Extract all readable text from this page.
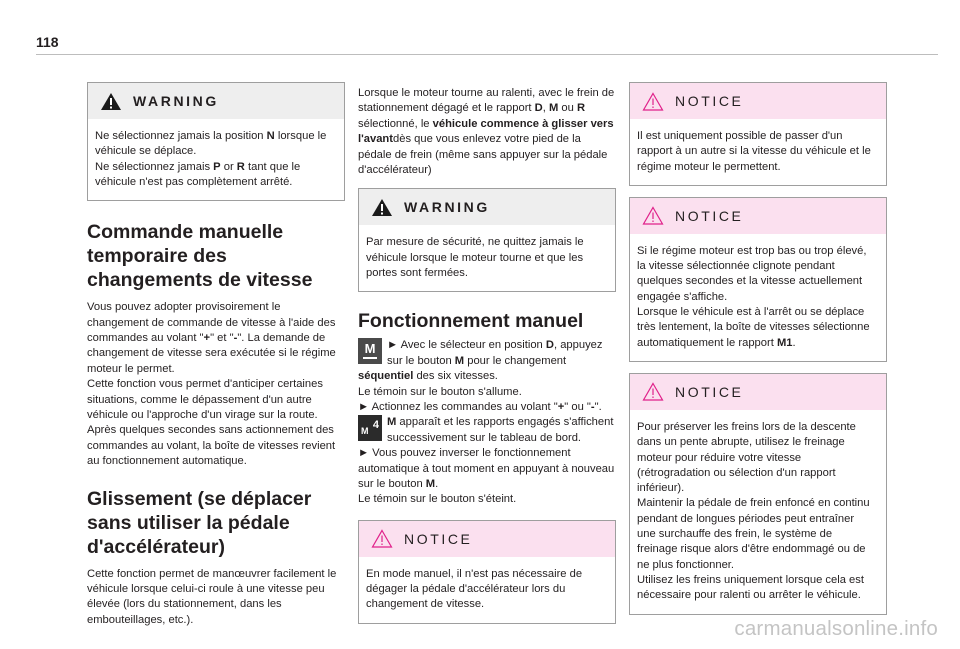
118
WARNING

Ne sélectionnez jamais la position N lorsque le véhicule se déplace.

Ne sélectionnez jamais P or R tant que le véhicule n'est pas complètement arrêté.

Commande manuelle temporaire des changements de vitesse

Vous pouvez adopter provisoirement le changement de commande de vitesse à l'aide des commandes au volant "+" et "-". La demande de changement de vitesse sera exécutée si le régime moteur le permet.

Cette fonction vous permet d'anticiper certaines situations, comme le dépassement d'un autre véhicule ou l'approche d'un virage sur la route.

Après quelques secondes sans actionnement des commandes au volant, la boîte de vitesses revient au fonctionnement automatique.

Glissement (se déplacer sans utiliser la pédale d'accélérateur)

Cette fonction permet de manœuvrer facilement le véhicule lorsque celui-ci roule à une vitesse peu élevée (lors du stationnement, dans les embouteillages, etc.).

Lorsque le moteur tourne au ralenti, avec le frein de stationnement dégagé et le rapport D, M ou R sélectionné, le véhicule commence à glisser vers l'avantdès que vous enlevez votre pied de la pédale de frein (même sans appuyer sur la pédale d'accélérateur)

WARNING

Par mesure de sécurité, ne quittez jamais le véhicule lorsque le moteur tourne et que les portes sont fermées.

Fonctionnement manuel

M	► Avec le sélecteur en position D, appuyez sur le bouton M pour le changement séquentiel des six vitesses.

Le témoin sur le bouton s'allume.

► Actionnez les commandes au volant "+" ou "-".

4
M
M apparaît et les rapports engagés s'affichent successivement sur le tableau de bord.

► Vous pouvez inverser le fonctionnement automatique à tout moment en appuyant à nouveau sur le bouton M.

Le témoin sur le bouton s'éteint.

NOTICE

En mode manuel, il n'est pas nécessaire de dégager la pédale d'accélérateur lors du changement de vitesse.

NOTICE

Il est uniquement possible de passer d'un rapport à un autre si la vitesse du véhicule et le régime moteur le permettent.

NOTICE

Si le régime moteur est trop bas ou trop élevé, la vitesse sélectionnée clignote pendant quelques secondes et la vitesse actuellement engagée s'affiche.

Lorsque le véhicule est à l'arrêt ou se déplace très lentement, la boîte de vitesses sélectionne automatiquement le rapport M1.

NOTICE

Pour préserver les freins lors de la descente dans un pente abrupte, utilisez le freinage moteur pour réduire votre vitesse (rétrogradation ou sélection d'un rapport inférieur).

Maintenir la pédale de frein enfoncé en continu pendant de longues périodes peut entraîner une surchauffe des frein, le système de freinage risque alors d'être endommagé ou de ne plus fonctionner.

Utilisez les freins uniquement lorsque cela est nécessaire pour ralenti ou arrêter le véhicule.

carmanualsonline.info
